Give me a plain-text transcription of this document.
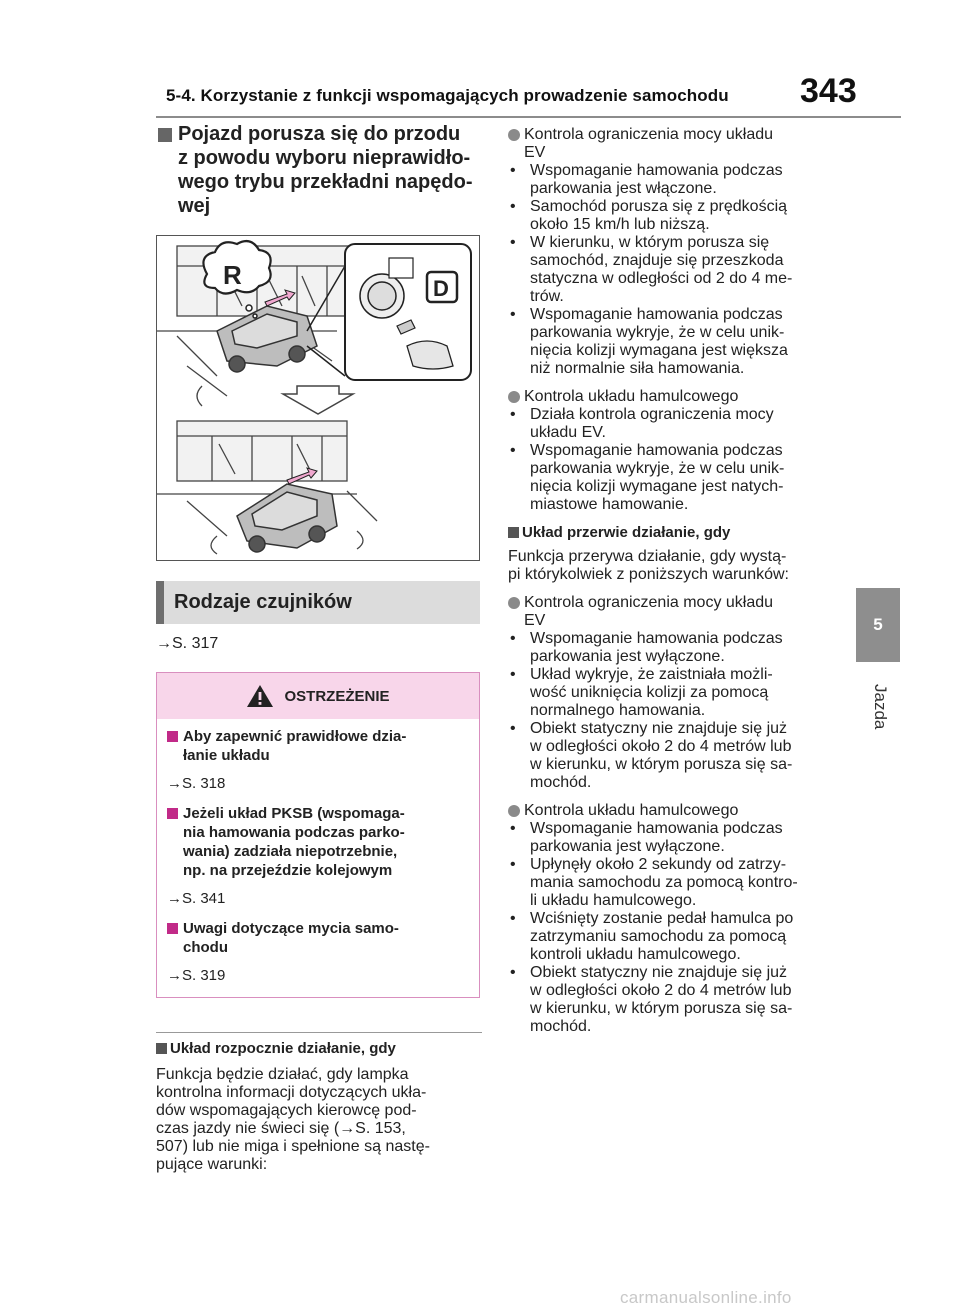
5-4. Korzystanie z funkcji wspomagających prowadzenie samochodu 343
5
Jazda

Pojazd porusza się do przodu
z powodu wyboru nieprawidło-
wego trybu przekładni napędo-
wej

R	D
Rodzaje czujników

→S. 317

OSTRZEŻENIE

Aby zapewnić prawidłowe dzia-
łanie układu

→S. 318

Jeżeli układ PKSB (wspomaga-
nia hamowania podczas parko-
wania) zadziała niepotrzebnie,
np. na przejeździe kolejowym

→S. 341

Uwagi dotyczące mycia samo-
chodu

→S. 319

Układ rozpocznie działanie, gdy

Funkcja będzie działać, gdy lampka
kontrolna informacji dotyczących ukła-
dów wspomagających kierowcę pod-
czas jazdy nie świeci się (→S. 153,
507) lub nie miga i spełnione są nastę-
pujące warunki:

Kontrola ograniczenia mocy układu
EV

• Wspomaganie hamowania podczas
parkowania jest włączone.
• Samochód porusza się z prędkością
około 15 km/h lub niższą.
• W kierunku, w którym porusza się
samochód, znajduje się przeszkoda
statyczna w odległości od 2 do 4 me-
trów.
• Wspomaganie hamowania podczas
parkowania wykryje, że w celu unik-
nięcia kolizji wymagana jest większa
niż normalnie siła hamowania.

Kontrola układu hamulcowego

• Działa kontrola ograniczenia mocy
układu EV.
• Wspomaganie hamowania podczas
parkowania wykryje, że w celu unik-
nięcia kolizji wymagane jest natych-
miastowe hamowanie.

Układ przerwie działanie, gdy

Funkcja przerywa działanie, gdy wystą-
pi którykolwiek z poniższych warunków:

Kontrola ograniczenia mocy układu
EV

• Wspomaganie hamowania podczas
parkowania jest wyłączone.
• Układ wykryje, że zaistniała możli-
wość uniknięcia kolizji za pomocą
normalnego hamowania.
• Obiekt statyczny nie znajduje się już
w odległości około 2 do 4 metrów lub
w kierunku, w którym porusza się sa-
mochód.

Kontrola układu hamulcowego

• Wspomaganie hamowania podczas
parkowania jest wyłączone.
• Upłynęły około 2 sekundy od zatrzy-
mania samochodu za pomocą kontro-
li układu hamulcowego.
• Wciśnięty zostanie pedał hamulca po
zatrzymaniu samochodu za pomocą
kontroli układu hamulcowego.
• Obiekt statyczny nie znajduje się już
w odległości około 2 do 4 metrów lub
w kierunku, w którym porusza się sa-
mochód.
carmanualsonline.info
